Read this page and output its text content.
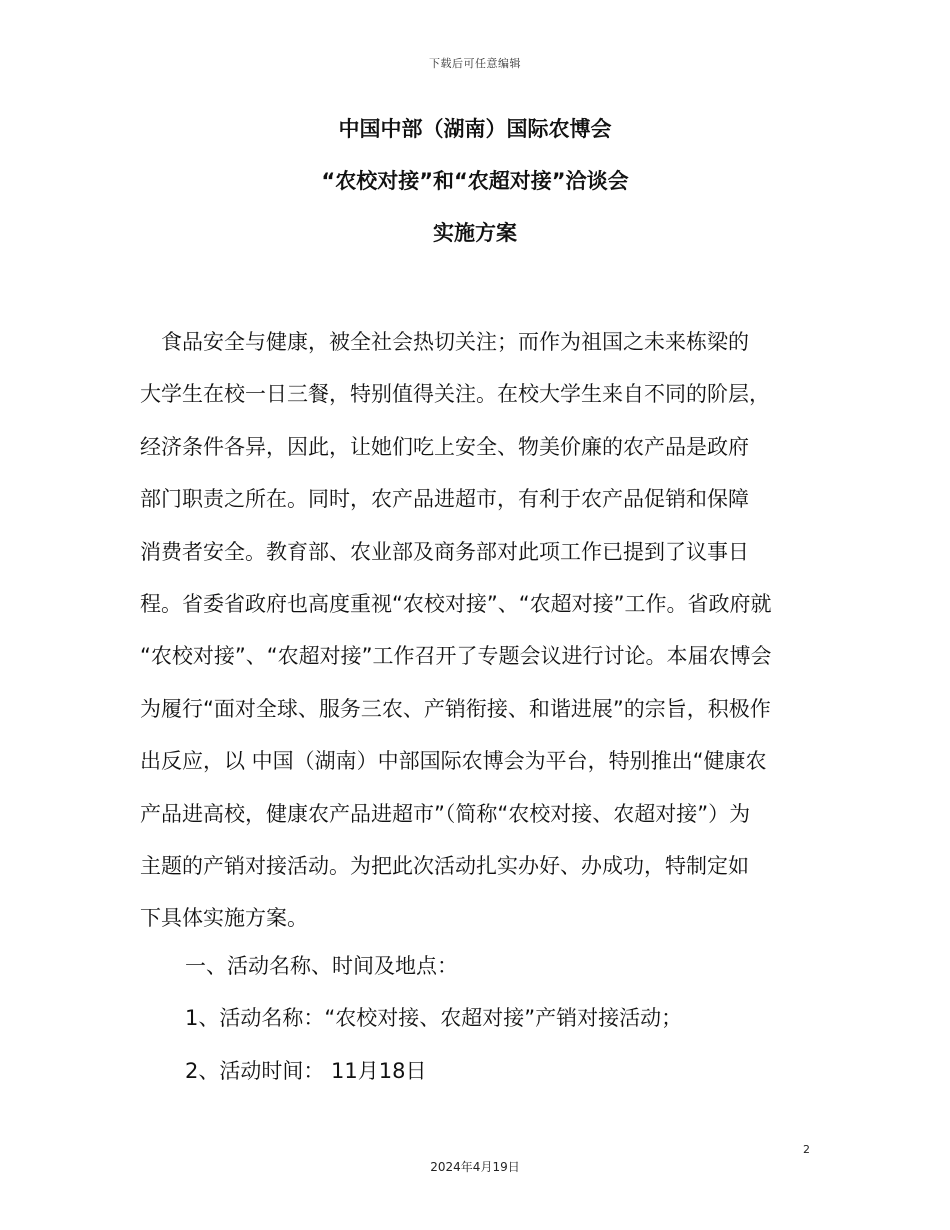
下载后可任意编辑
中国中部（湖南）国际农博会
“农校对接”和“农超对接”洽谈会
实施方案
　食品安全与健康，被全社会热切关注；而作为祖国之未来栋梁的
大学生在校一日三餐，特别值得关注。在校大学生来自不同的阶层，
经济条件各异，因此，让她们吃上安全、物美价廉的农产品是政府
部门职责之所在。同时，农产品进超市，有利于农产品促销和保障
消费者安全。教育部、农业部及商务部对此项工作已提到了议事日
程。省委省政府也高度重视“农校对接”、“农超对接”工作。省政府就
“农校对接”、“农超对接”工作召开了专题会议进行讨论。本届农博会
为履行“面对全球、服务三农、产销衔接、和谐进展”的宗旨，积极作
出反应，以 中国（湖南）中部国际农博会为平台，特别推出“健康农
产品进高校，健康农产品进超市”（简称“农校对接、农超对接”）为
主题的产销对接活动。为把此次活动扎实办好、办成功，特制定如
下具体实施方案。
一、活动名称、时间及地点：
1、活动名称：“农校对接、农超对接”产销对接活动；
2、活动时间： 11月18日
2
2024年4月19日
